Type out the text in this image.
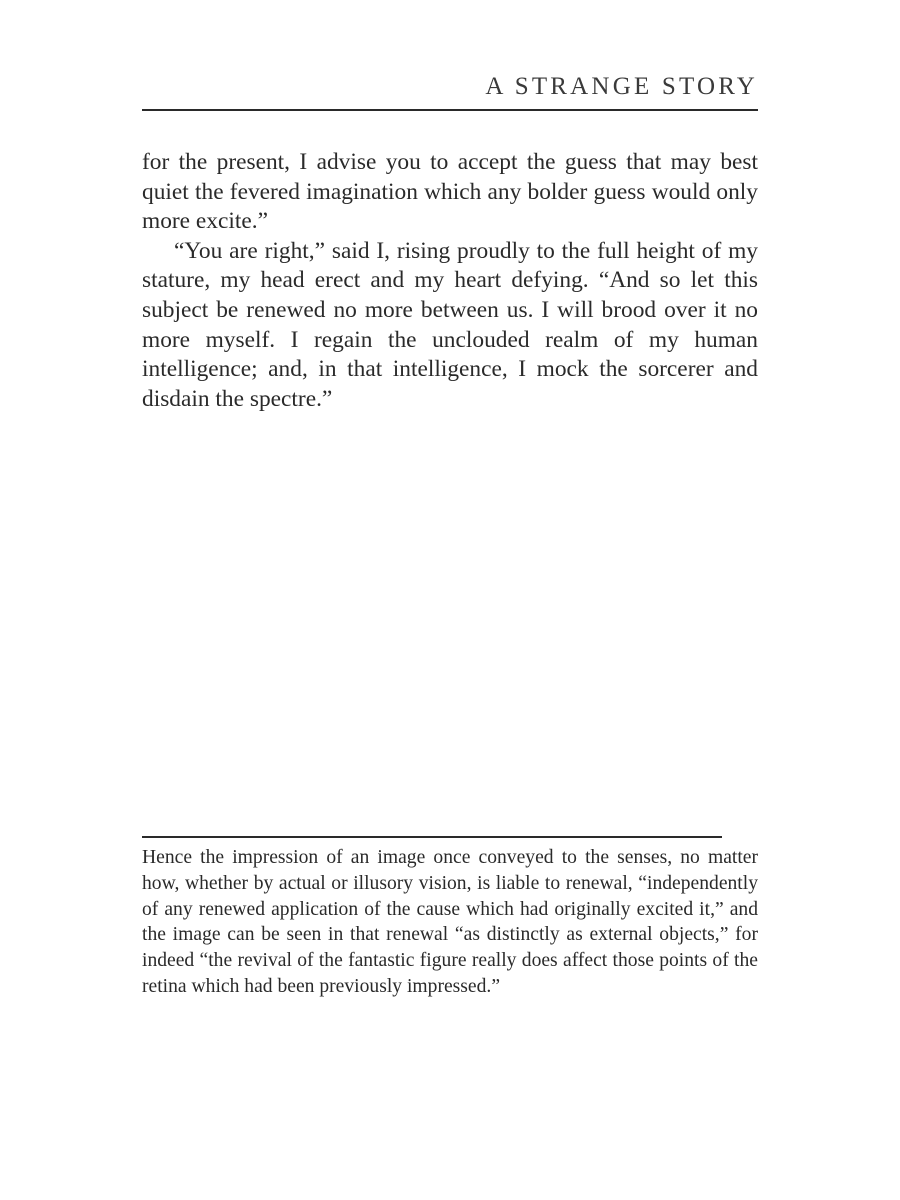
A STRANGE STORY

for the present, I advise you to accept the guess that may best quiet the fevered imagination which any bolder guess would only more excite.”

“You are right,” said I, rising proudly to the full height of my stature, my head erect and my heart defying. “And so let this subject be renewed no more between us. I will brood over it no more myself. I regain the unclouded realm of my human intelligence; and, in that intelligence, I mock the sorcerer and disdain the spectre.”

Hence the impression of an image once conveyed to the senses, no matter how, whether by actual or illusory vision, is liable to renewal, “independently of any renewed application of the cause which had originally excited it,” and the image can be seen in that renewal “as distinctly as external objects,” for indeed “the revival of the fantastic figure really does affect those points of the retina which had been previously impressed.”
